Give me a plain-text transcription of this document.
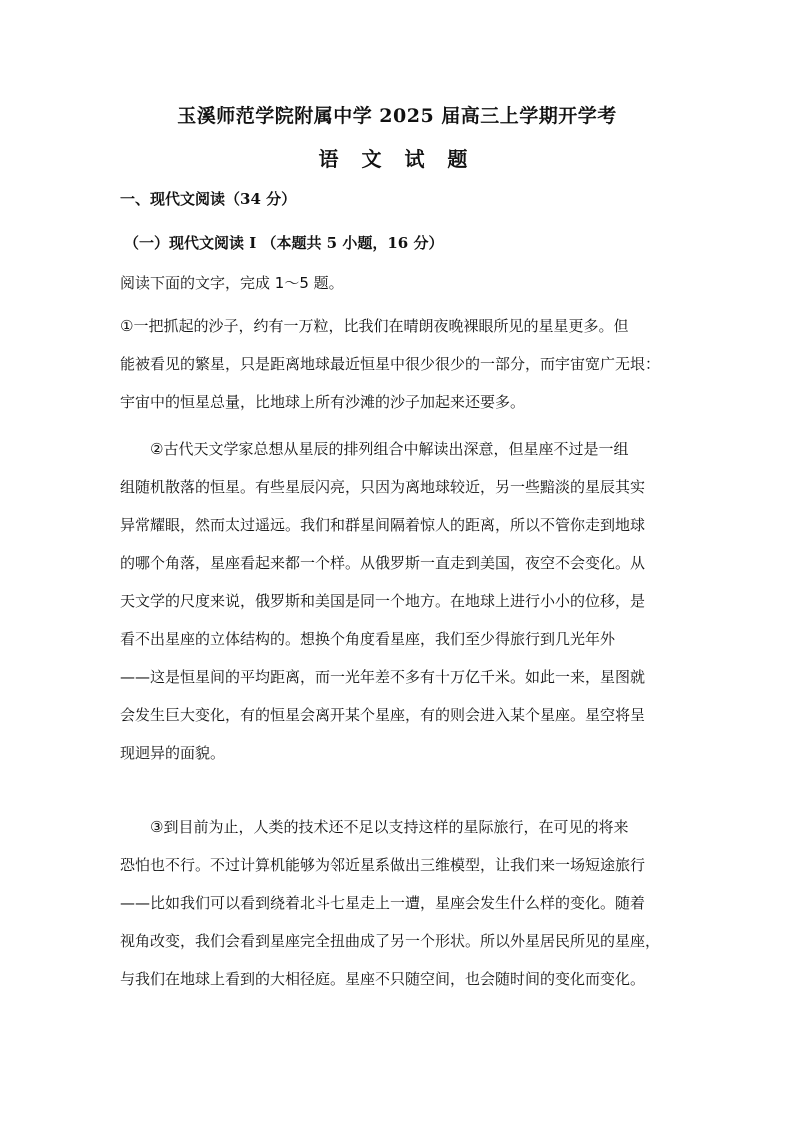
玉溪师范学院附属中学 2025 届高三上学期开学考
语 文 试 题
一、现代文阅读（34 分）
（一）现代文阅读 I （本题共 5 小题，16 分）
阅读下面的文字，完成 1～5 题。
①一把抓起的沙子，约有一万粒，比我们在晴朗夜晚裸眼所见的星星更多。但
能被看见的繁星，只是距离地球最近恒星中很少很少的一部分，而宇宙宽广无垠：
宇宙中的恒星总量，比地球上所有沙滩的沙子加起来还要多。
②古代天文学家总想从星辰的排列组合中解读出深意，但星座不过是一组
组随机散落的恒星。有些星辰闪亮，只因为离地球较近，另一些黯淡的星辰其实
异常耀眼，然而太过遥远。我们和群星间隔着惊人的距离，所以不管你走到地球
的哪个角落，星座看起来都一个样。从俄罗斯一直走到美国，夜空不会变化。从
天文学的尺度来说，俄罗斯和美国是同一个地方。在地球上进行小小的位移，是
看不出星座的立体结构的。想换个角度看星座，我们至少得旅行到几光年外
——这是恒星间的平均距离，而一光年差不多有十万亿千米。如此一来，星图就
会发生巨大变化，有的恒星会离开某个星座，有的则会进入某个星座。星空将呈
现迥异的面貌。
③到目前为止，人类的技术还不足以支持这样的星际旅行，在可见的将来
恐怕也不行。不过计算机能够为邻近星系做出三维模型，让我们来一场短途旅行
——比如我们可以看到绕着北斗七星走上一遭，星座会发生什么样的变化。随着
视角改变，我们会看到星座完全扭曲成了另一个形状。所以外星居民所见的星座，
与我们在地球上看到的大相径庭。星座不只随空间，也会随时间的变化而变化。
